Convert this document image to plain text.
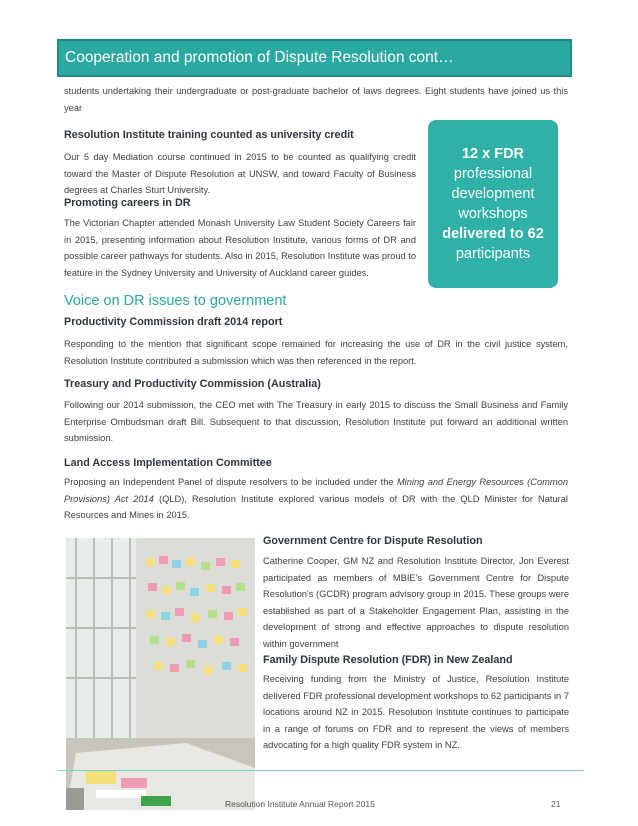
Cooperation and promotion of Dispute Resolution cont…

students undertaking their undergraduate or post-graduate bachelor of laws degrees. Eight students have joined us this year

Resolution Institute training counted as university credit

Our 5 day Mediation course continued in 2015 to be counted as qualifying credit toward the Master of Dispute Resolution at UNSW, and toward Faculty of Business degrees at Charles Sturt University.

Promoting careers in DR

The Victorian Chapter attended Monash University Law Student Society Careers fair in 2015, presenting information about Resolution Institute, various forms of DR and possible career pathways for students. Also in 2015, Resolution Institute was proud to feature in the Sydney University and University of Auckland career guides.

12 x FDR
professional
development
workshops
delivered to 62
participants

Voice on DR issues to government

Productivity Commission draft 2014 report

Responding to the mention that significant scope remained for increasing the use of DR in the civil justice system, Resolution Institute contributed a submission which was then referenced in the report.

Treasury and Productivity Commission (Australia)

Following our 2014 submission, the CEO met with The Treasury in early 2015 to discuss the Small Business and Family Enterprise Ombudsman draft Bill. Subsequent to that discussion, Resolution Institute put forward an additional written submission.

Land Access Implementation Committee

Proposing an Independent Panel of dispute resolvers to be included under the Mining and Energy Resources (Common Provisions) Act 2014 (QLD), Resolution Institute explored various models of DR with the QLD Minister for Natural Resources and Mines in 2015.

Government Centre for Dispute Resolution

Catherine Cooper, GM NZ and Resolution Institute Director, Jon Everest participated as members of MBIE's Government Centre for Dispute Resolution's (GCDR) program advisory group in 2015. These groups were established as part of a Stakeholder Engagement Plan, assisting in the development of strong and effective approaches to dispute resolution within government

Family Dispute Resolution (FDR) in New Zealand

Receiving funding from the Ministry of Justice, Resolution Institute delivered FDR professional development workshops to 62 participants in 7 locations around NZ in 2015. Resolution Institute continues to participate in a range of forums on FDR and to represent the views of members advocating for a high quality FDR system in NZ.

Resolution Institute Annual Report 2015	21
